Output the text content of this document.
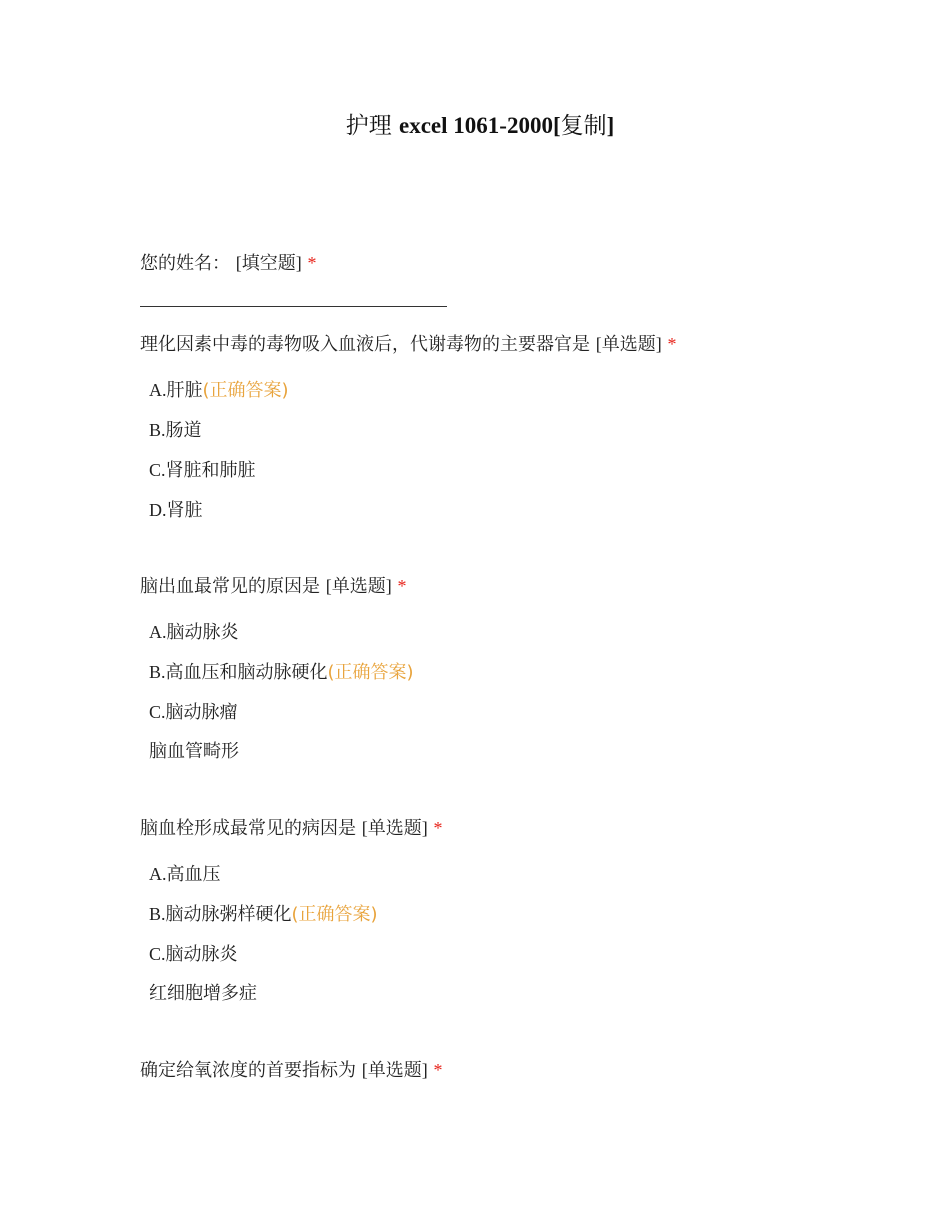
护理 excel 1061-2000[复制]
您的姓名： [填空题] *
理化因素中毒的毒物吸入血液后，代谢毒物的主要器官是 [单选题] *
A.肝脏(正确答案)
B.肠道
C.肾脏和肺脏
D.肾脏
脑出血最常见的原因是 [单选题] *
A.脑动脉炎
B.高血压和脑动脉硬化(正确答案)
C.脑动脉瘤
脑血管畸形
脑血栓形成最常见的病因是 [单选题] *
A.高血压
B.脑动脉粥样硬化(正确答案)
C.脑动脉炎
红细胞增多症
确定给氧浓度的首要指标为 [单选题] *
